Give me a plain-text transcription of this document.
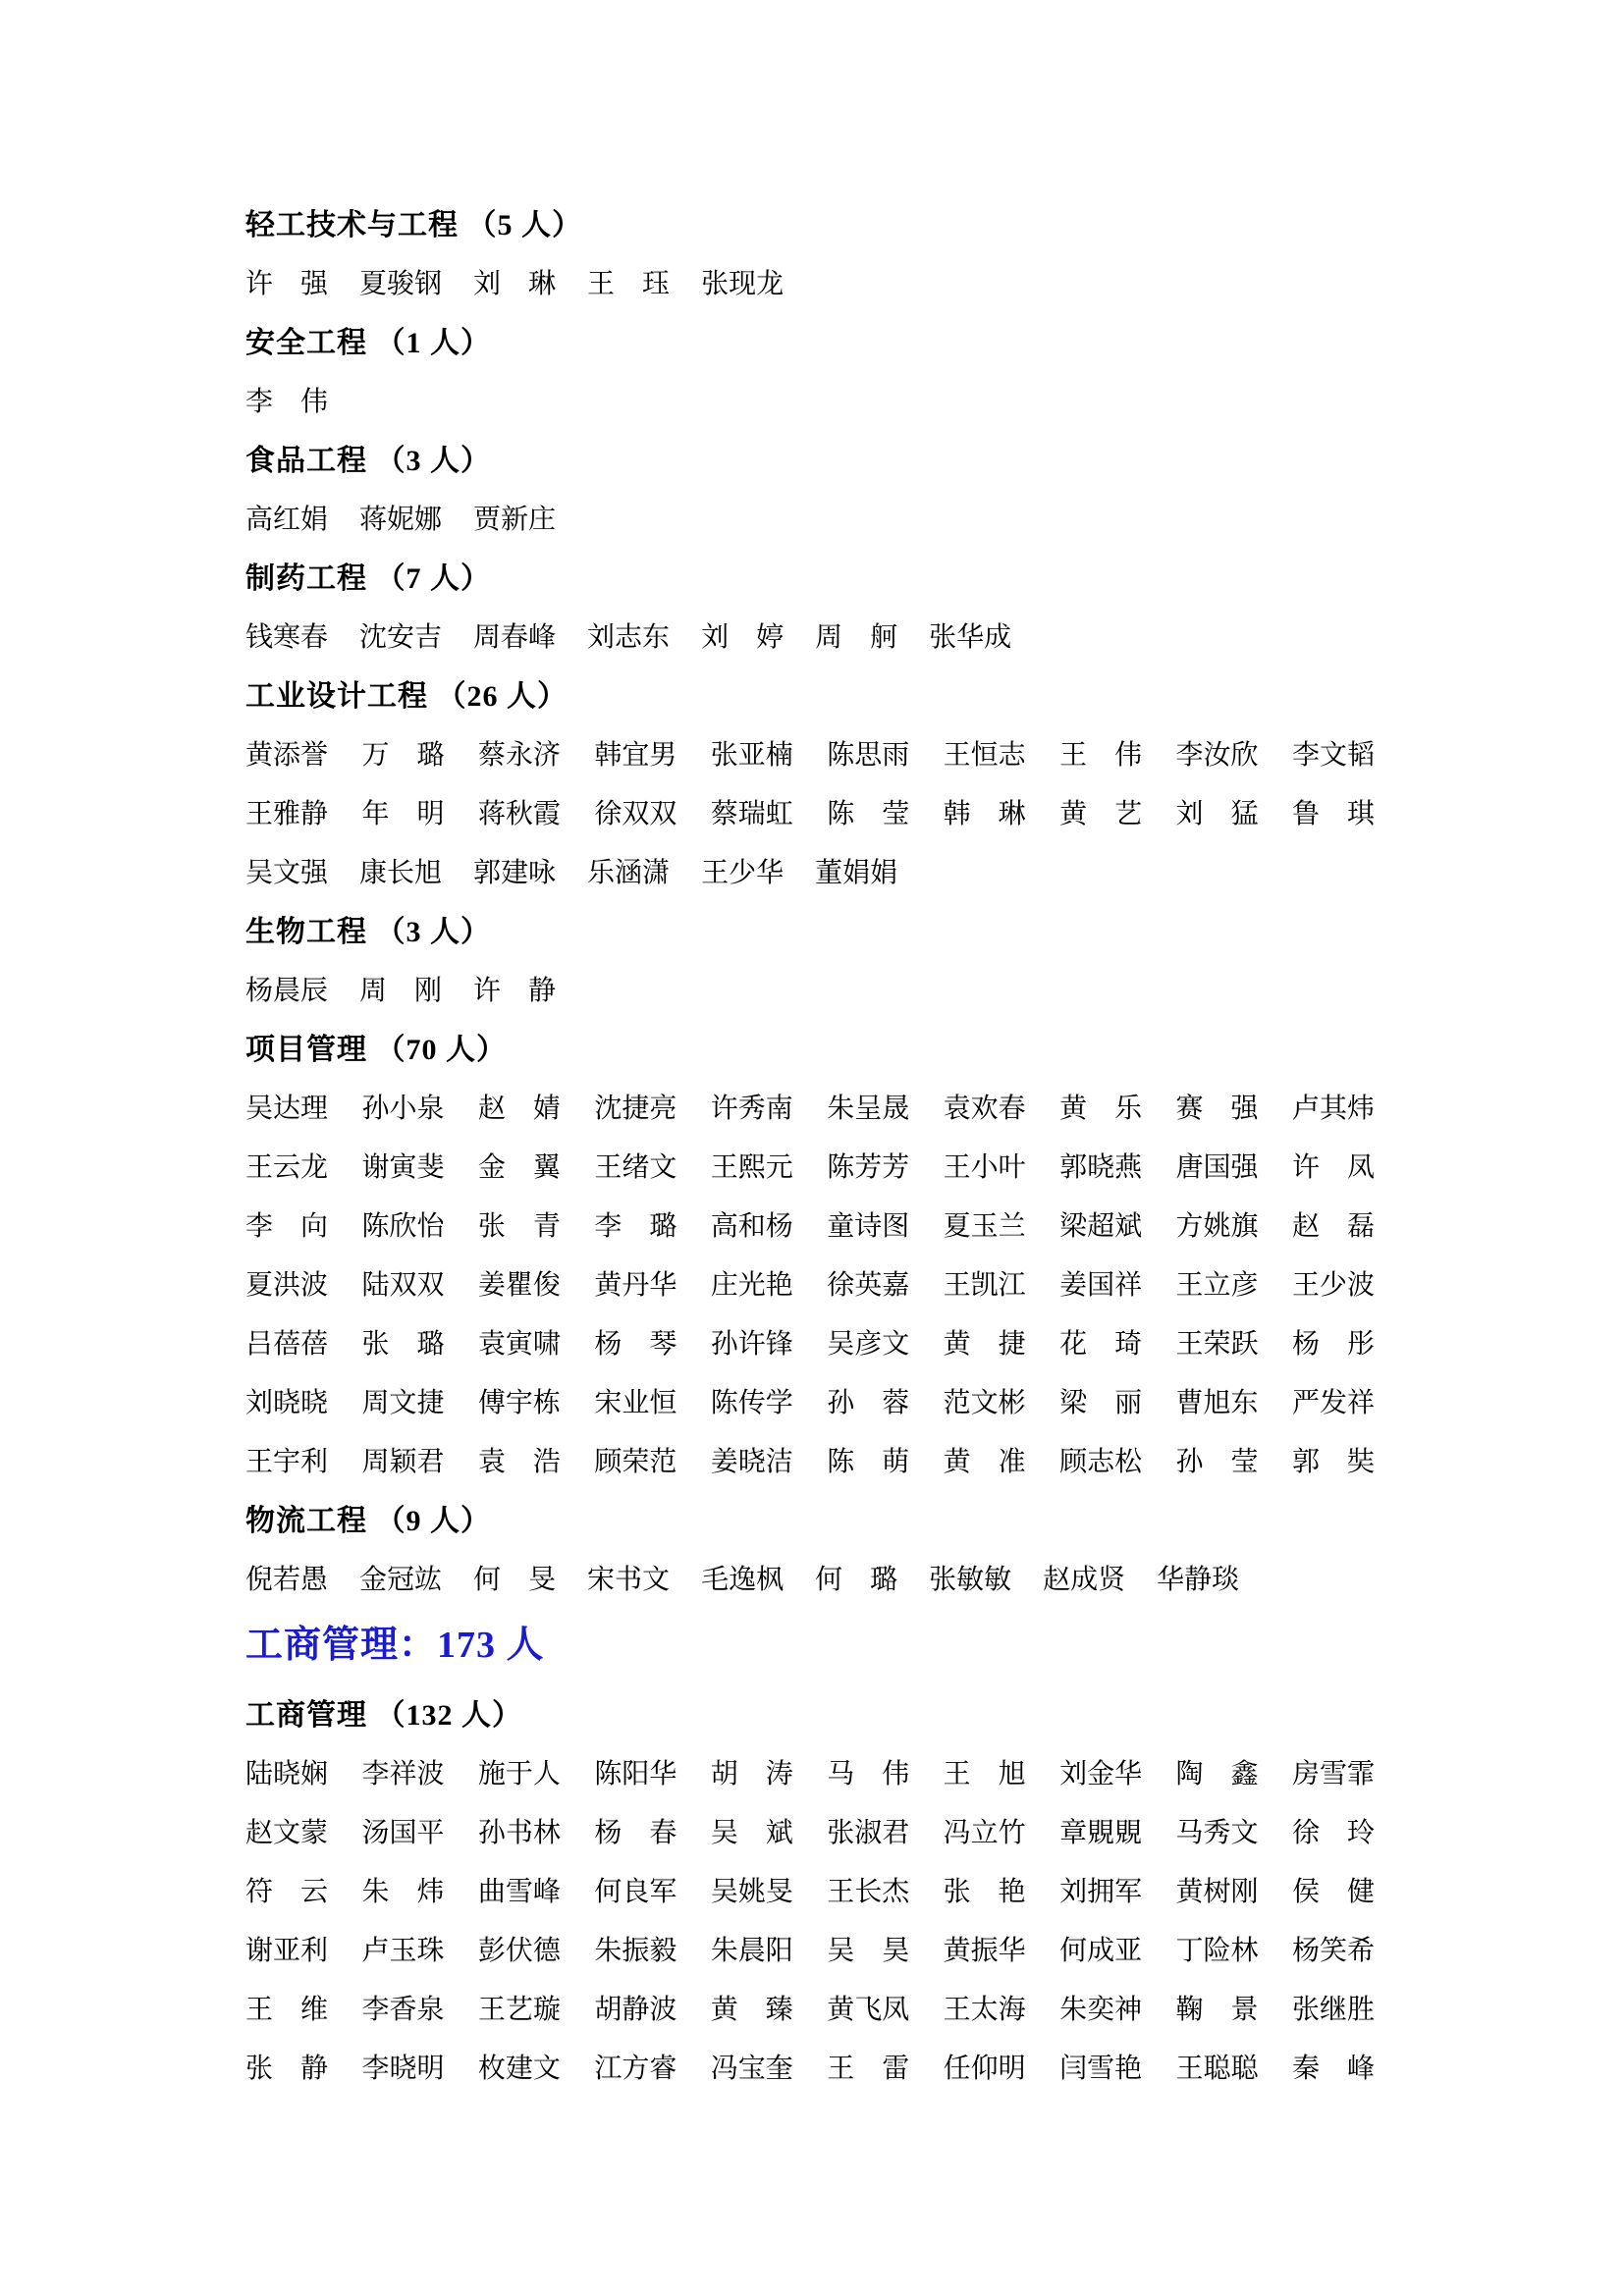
轻工技术与工程 （5 人）
许　强 夏骏钢 刘　琳 王　珏 张现龙
安全工程 （1 人）
李　伟
食品工程 （3 人）
高红娟 蒋妮娜 贾新庄
制药工程 （7 人）
钱寒春 沈安吉 周春峰 刘志东 刘　婷 周　舸 张华成
工业设计工程 （26 人）
黄添誉 万　璐 蔡永济 韩宜男 张亚楠 陈思雨 王恒志 王　伟 李汝欣 李文韬
王雅静 年　明 蒋秋霞 徐双双 蔡瑞虹 陈　莹 韩　琳 黄　艺 刘　猛 鲁　琪
吴文强 康长旭 郭建咏 乐涵潇 王少华 董娟娟
生物工程 （3 人）
杨晨辰 周　刚 许　静
项目管理 （70 人）
吴达理 孙小泉 赵　婧 沈捷亮 许秀南 朱呈晟 袁欢春 黄　乐 赛　强 卢其炜
王云龙 谢寅斐 金　翼 王绪文 王熙元 陈芳芳 王小叶 郭晓燕 唐国强 许　凤
李　向 陈欣怡 张　青 李　璐 高和杨 童诗图 夏玉兰 梁超斌 方姚旗 赵　磊
夏洪波 陆双双 姜瞿俊 黄丹华 庄光艳 徐英嘉 王凯江 姜国祥 王立彦 王少波
吕蓓蓓 张　璐 袁寅啸 杨　琴 孙许锋 吴彦文 黄　捷 花　琦 王荣跃 杨　彤
刘晓晓 周文捷 傅宇栋 宋业恒 陈传学 孙　蓉 范文彬 梁　丽 曹旭东 严发祥
王宇利 周颖君 袁　浩 顾荣范 姜晓洁 陈　萌 黄　准 顾志松 孙　莹 郭　奘
物流工程 （9 人）
倪若愚 金冠竑 何　旻 宋书文 毛逸枫 何　璐 张敏敏 赵成贤 华静琰
工商管理：173 人
工商管理 （132 人）
陆晓娴 李祥波 施于人 陈阳华 胡　涛 马　伟 王　旭 刘金华 陶　鑫 房雪霏
赵文蒙 汤国平 孙书林 杨　春 吴　斌 张淑君 冯立竹 章覞覞 马秀文 徐　玲
符　云 朱　炜 曲雪峰 何良军 吴姚旻 王长杰 张　艳 刘拥军 黄树刚 侯　健
谢亚利 卢玉珠 彭伏德 朱振毅 朱晨阳 吴　昊 黄振华 何成亚 丁险林 杨笑希
王　维 李香泉 王艺璇 胡静波 黄　臻 黄飞凤 王太海 朱奕神 鞠　景 张继胜
张　静 李晓明 枚建文 江方睿 冯宝奎 王　雷 任仰明 闫雪艳 王聪聪 秦　峰
